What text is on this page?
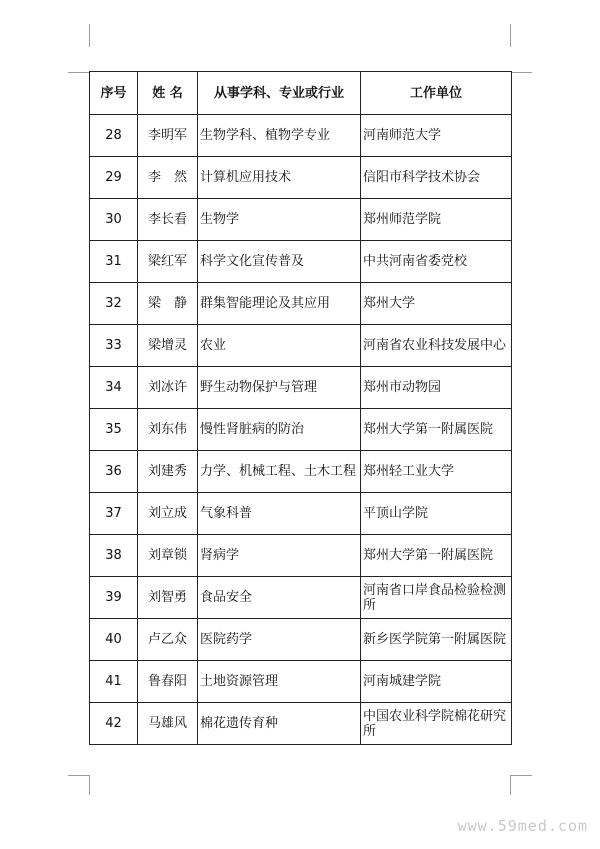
序号	姓 名	从事学科、专业或行业	工作单位
28	李明军	生物学科、植物学专业	河南师范大学
29	李　然	计算机应用技术	信阳市科学技术协会
30	李长看	生物学	郑州师范学院
31	梁红军	科学文化宣传普及	中共河南省委党校
32	梁　静	群集智能理论及其应用	郑州大学
33	梁增灵	农业	河南省农业科技发展中心
34	刘冰许	野生动物保护与管理	郑州市动物园
35	刘东伟	慢性肾脏病的防治	郑州大学第一附属医院
36	刘建秀	力学、机械工程、土木工程	郑州轻工业大学
37	刘立成	气象科普	平顶山学院
38	刘章锁	肾病学	郑州大学第一附属医院
39	刘智勇	食品安全	河南省口岸食品检验检测所
40	卢乙众	医院药学	新乡医学院第一附属医院
41	鲁春阳	土地资源管理	河南城建学院
42	马雄风	棉花遗传育种	中国农业科学院棉花研究所
www.59med.com
